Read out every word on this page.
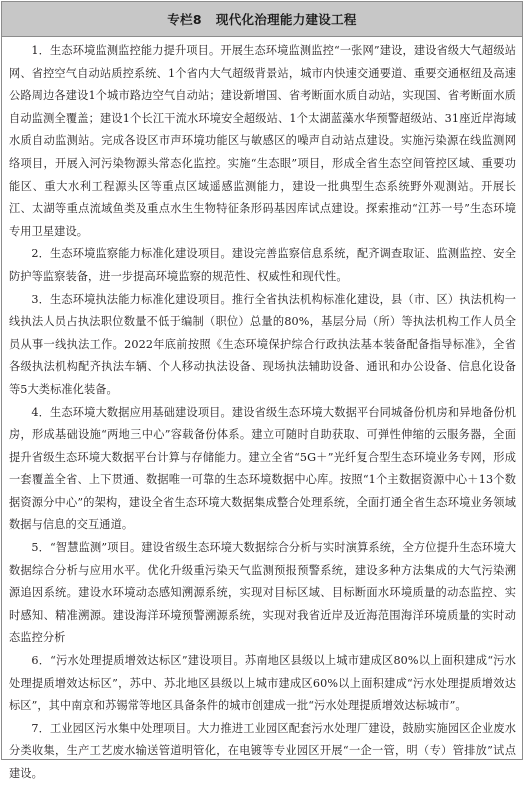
专栏8 现代化治理能力建设工程

1．生态环境监测监控能力提升项目。开展生态环境监测监控“一张网”建设，建设省级大气超级站网、省控空气自动站质控系统、1个省内大气超级背景站，城市内快速交通要道、重要交通枢纽及高速公路周边各建设1个城市路边空气自动站；建设新增国、省考断面水质自动站，实现国、省考断面水质自动监测全覆盖；建设1个长江干流水环境安全超级站、1个太湖蓝藻水华预警超级站、31座近岸海域水质自动监测站。完成各设区市声环境功能区与敏感区的噪声自动站点建设。实施污染源在线监测网络项目，开展入河污染物源头常态化监控。实施“生态眼”项目，形成全省生态空间管控区域、重要功能区、重大水利工程源头区等重点区域遥感监测能力，建设一批典型生态系统野外观测站。开展长江、太湖等重点流域鱼类及重点水生生物特征条形码基因库试点建设。探索推动“江苏一号”生态环境专用卫星建设。

2．生态环境监察能力标准化建设项目。建设完善监察信息系统，配齐调查取证、监测监控、安全防护等监察装备，进一步提高环境监察的规范性、权威性和现代性。

3．生态环境执法能力标准化建设项目。推行全省执法机构标准化建设，县（市、区）执法机构一线执法人员占执法职位数量不低于编制（职位）总量的80%，基层分局（所）等执法机构工作人员全员从事一线执法工作。2022年底前按照《生态环境保护综合行政执法基本装备配备指导标准》，全省各级执法机构配齐执法车辆、个人移动执法设备、现场执法辅助设备、通讯和办公设备、信息化设备等5大类标准化装备。

4．生态环境大数据应用基础建设项目。建设省级生态环境大数据平台同城备份机房和异地备份机房，形成基础设施“两地三中心”容载备份体系。建立可随时自助获取、可弹性伸缩的云服务器，全面提升省级生态环境大数据平台计算与存储能力。建立全省“5G＋”光纤复合型生态环境业务专网，形成一套覆盖全省、上下贯通、数据唯一可靠的生态环境数据中心库。按照“1个主数据资源中心＋13个数据资源分中心”的架构，建设全省生态环境大数据集成整合处理系统，全面打通全省生态环境业务领域数据与信息的交互通道。

5．“智慧监测”项目。建设省级生态环境大数据综合分析与实时演算系统，全方位提升生态环境大数据综合分析与应用水平。优化升级重污染天气监测预报预警系统，建设多种方法集成的大气污染溯源追因系统。建设水环境动态感知溯源系统，实现对目标区域、目标断面水环境质量的动态监控、实时感知、精准溯源。建设海洋环境预警溯源系统，实现对我省近岸及近海范围海洋环境质量的实时动态监控分析

6．“污水处理提质增效达标区”建设项目。苏南地区县级以上城市建成区80%以上面积建成“污水处理提质增效达标区”，苏中、苏北地区县级以上城市建成区60%以上面积建成“污水处理提质增效达标区”，其中南京和苏锡常等地区具备条件的城市创建成一批“污水处理提质增效达标城市”。

7．工业园区污水集中处理项目。大力推进工业园区配套污水处理厂建设，鼓励实施园区企业废水分类收集，生产工艺废水输送管道明管化，在电镀等专业园区开展“一企一管，明（专）管排放”试点建设。
